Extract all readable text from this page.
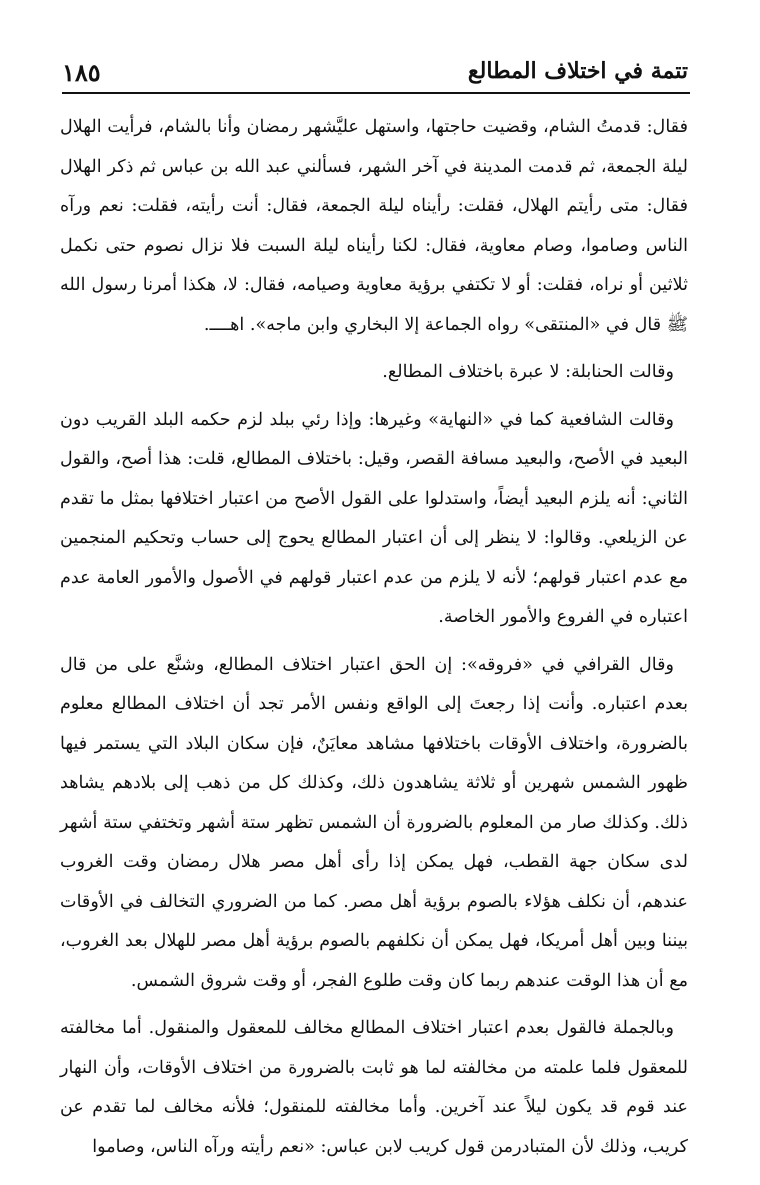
تتمة في اختلاف المطالع
١٨٥

فقال: قدمتُ الشام، وقضيت حاجتها، واستهل عليَّشهر رمضان وأنا بالشام، فرأيت الهلال ليلة الجمعة، ثم قدمت المدينة في آخر الشهر، فسألني عبد الله بن عباس ثم ذكر الهلال فقال: متى رأيتم الهلال، فقلت: رأيناه ليلة الجمعة، فقال: أنت رأيته، فقلت: نعم ورآه الناس وصاموا، وصام معاوية، فقال: لكنا رأيناه ليلة السبت فلا نزال نصوم حتى نكمل ثلاثين أو نراه، فقلت: أو لا تكتفي برؤية معاوية وصيامه، فقال: لا، هكذا أمرنا رسول الله ﷺ قال في «المنتقى» رواه الجماعة إلا البخاري وابن ماجه». اهــــ.

وقالت الحنابلة: لا عبرة باختلاف المطالع.

وقالت الشافعية كما في «النهاية» وغيرها: وإذا رئي ببلد لزم حكمه البلد القريب دون البعيد في الأصح، والبعيد مسافة القصر، وقيل: باختلاف المطالع، قلت: هذا أصح، والقول الثاني: أنه يلزم البعيد أيضاً، واستدلوا على القول الأصح من اعتبار اختلافها بمثل ما تقدم عن الزيلعي. وقالوا: لا ينظر إلى أن اعتبار المطالع يحوج إلى حساب وتحكيم المنجمين مع عدم اعتبار قولهم؛ لأنه لا يلزم من عدم اعتبار قولهم في الأصول والأمور العامة عدم اعتباره في الفروع والأمور الخاصة.

وقال القرافي في «فروقه»: إن الحق اعتبار اختلاف المطالع، وشنَّع على من قال بعدم اعتباره. وأنت إذا رجعتَ إلى الواقع ونفس الأمر تجد أن اختلاف المطالع معلوم بالضرورة، واختلاف الأوقات باختلافها مشاهد معايَنٌ، فإن سكان البلاد التي يستمر فيها ظهور الشمس شهرين أو ثلاثة يشاهدون ذلك، وكذلك كل من ذهب إلى بلادهم يشاهد ذلك. وكذلك صار من المعلوم بالضرورة أن الشمس تظهر ستة أشهر وتختفي ستة أشهر لدى سكان جهة القطب، فهل يمكن إذا رأى أهل مصر هلال رمضان وقت الغروب عندهم، أن نكلف هؤلاء بالصوم برؤية أهل مصر. كما من الضروري التخالف في الأوقات بيننا وبين أهل أمريكا، فهل يمكن أن نكلفهم بالصوم برؤية أهل مصر للهلال بعد الغروب، مع أن هذا الوقت عندهم ربما كان وقت طلوع الفجر، أو وقت شروق الشمس.

وبالجملة فالقول بعدم اعتبار اختلاف المطالع مخالف للمعقول والمنقول. أما مخالفته للمعقول فلما علمته من مخالفته لما هو ثابت بالضرورة من اختلاف الأوقات، وأن النهار عند قوم قد يكون ليلاً عند آخرين. وأما مخالفته للمنقول؛ فلأنه مخالف لما تقدم عن كريب، وذلك لأن المتبادرمن قول كريب لابن عباس: «نعم رأيته ورآه الناس، وصاموا
